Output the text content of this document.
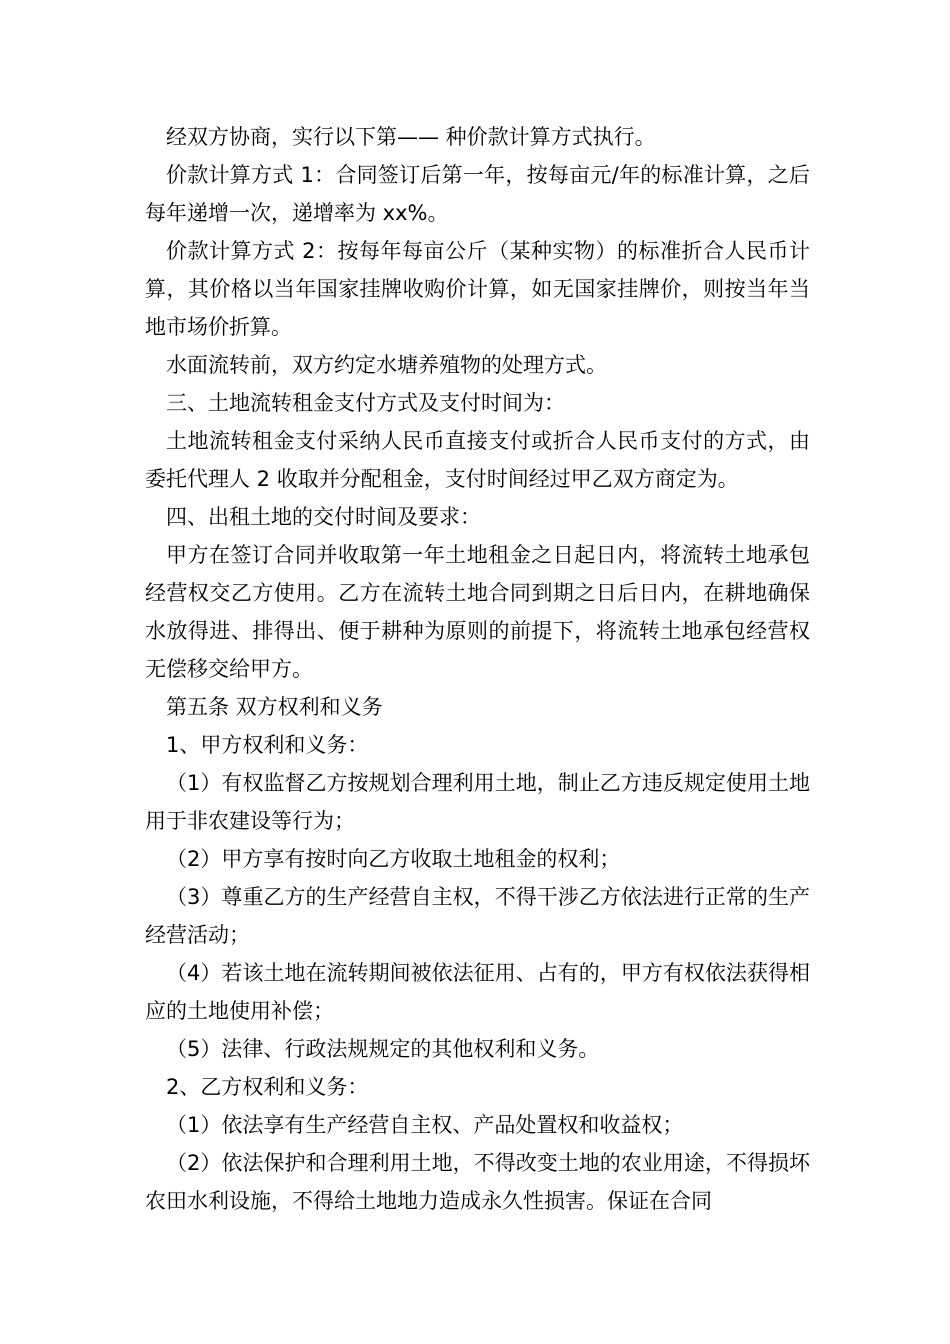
经双方协商，实行以下第—— 种价款计算方式执行。

价款计算方式 1：合同签订后第一年，按每亩元/年的标准计算，之后每年递增一次，递增率为 xx%。

价款计算方式 2：按每年每亩公斤（某种实物）的标准折合人民币计算，其价格以当年国家挂牌收购价计算，如无国家挂牌价，则按当年当地市场价折算。

水面流转前，双方约定水塘养殖物的处理方式。

三、土地流转租金支付方式及支付时间为：

土地流转租金支付采纳人民币直接支付或折合人民币支付的方式，由委托代理人 2 收取并分配租金，支付时间经过甲乙双方商定为。

四、出租土地的交付时间及要求：

甲方在签订合同并收取第一年土地租金之日起日内，将流转土地承包经营权交乙方使用。乙方在流转土地合同到期之日后日内，在耕地确保水放得进、排得出、便于耕种为原则的前提下，将流转土地承包经营权无偿移交给甲方。

第五条 双方权利和义务

1、甲方权利和义务：

（1）有权监督乙方按规划合理利用土地，制止乙方违反规定使用土地用于非农建设等行为；

（2）甲方享有按时向乙方收取土地租金的权利；

（3）尊重乙方的生产经营自主权，不得干涉乙方依法进行正常的生产经营活动；

（4）若该土地在流转期间被依法征用、占有的，甲方有权依法获得相应的土地使用补偿；

（5）法律、行政法规规定的其他权利和义务。

2、乙方权利和义务：

（1）依法享有生产经营自主权、产品处置权和收益权；

（2）依法保护和合理利用土地，不得改变土地的农业用途，不得损坏农田水利设施，不得给土地地力造成永久性损害。保证在合同
